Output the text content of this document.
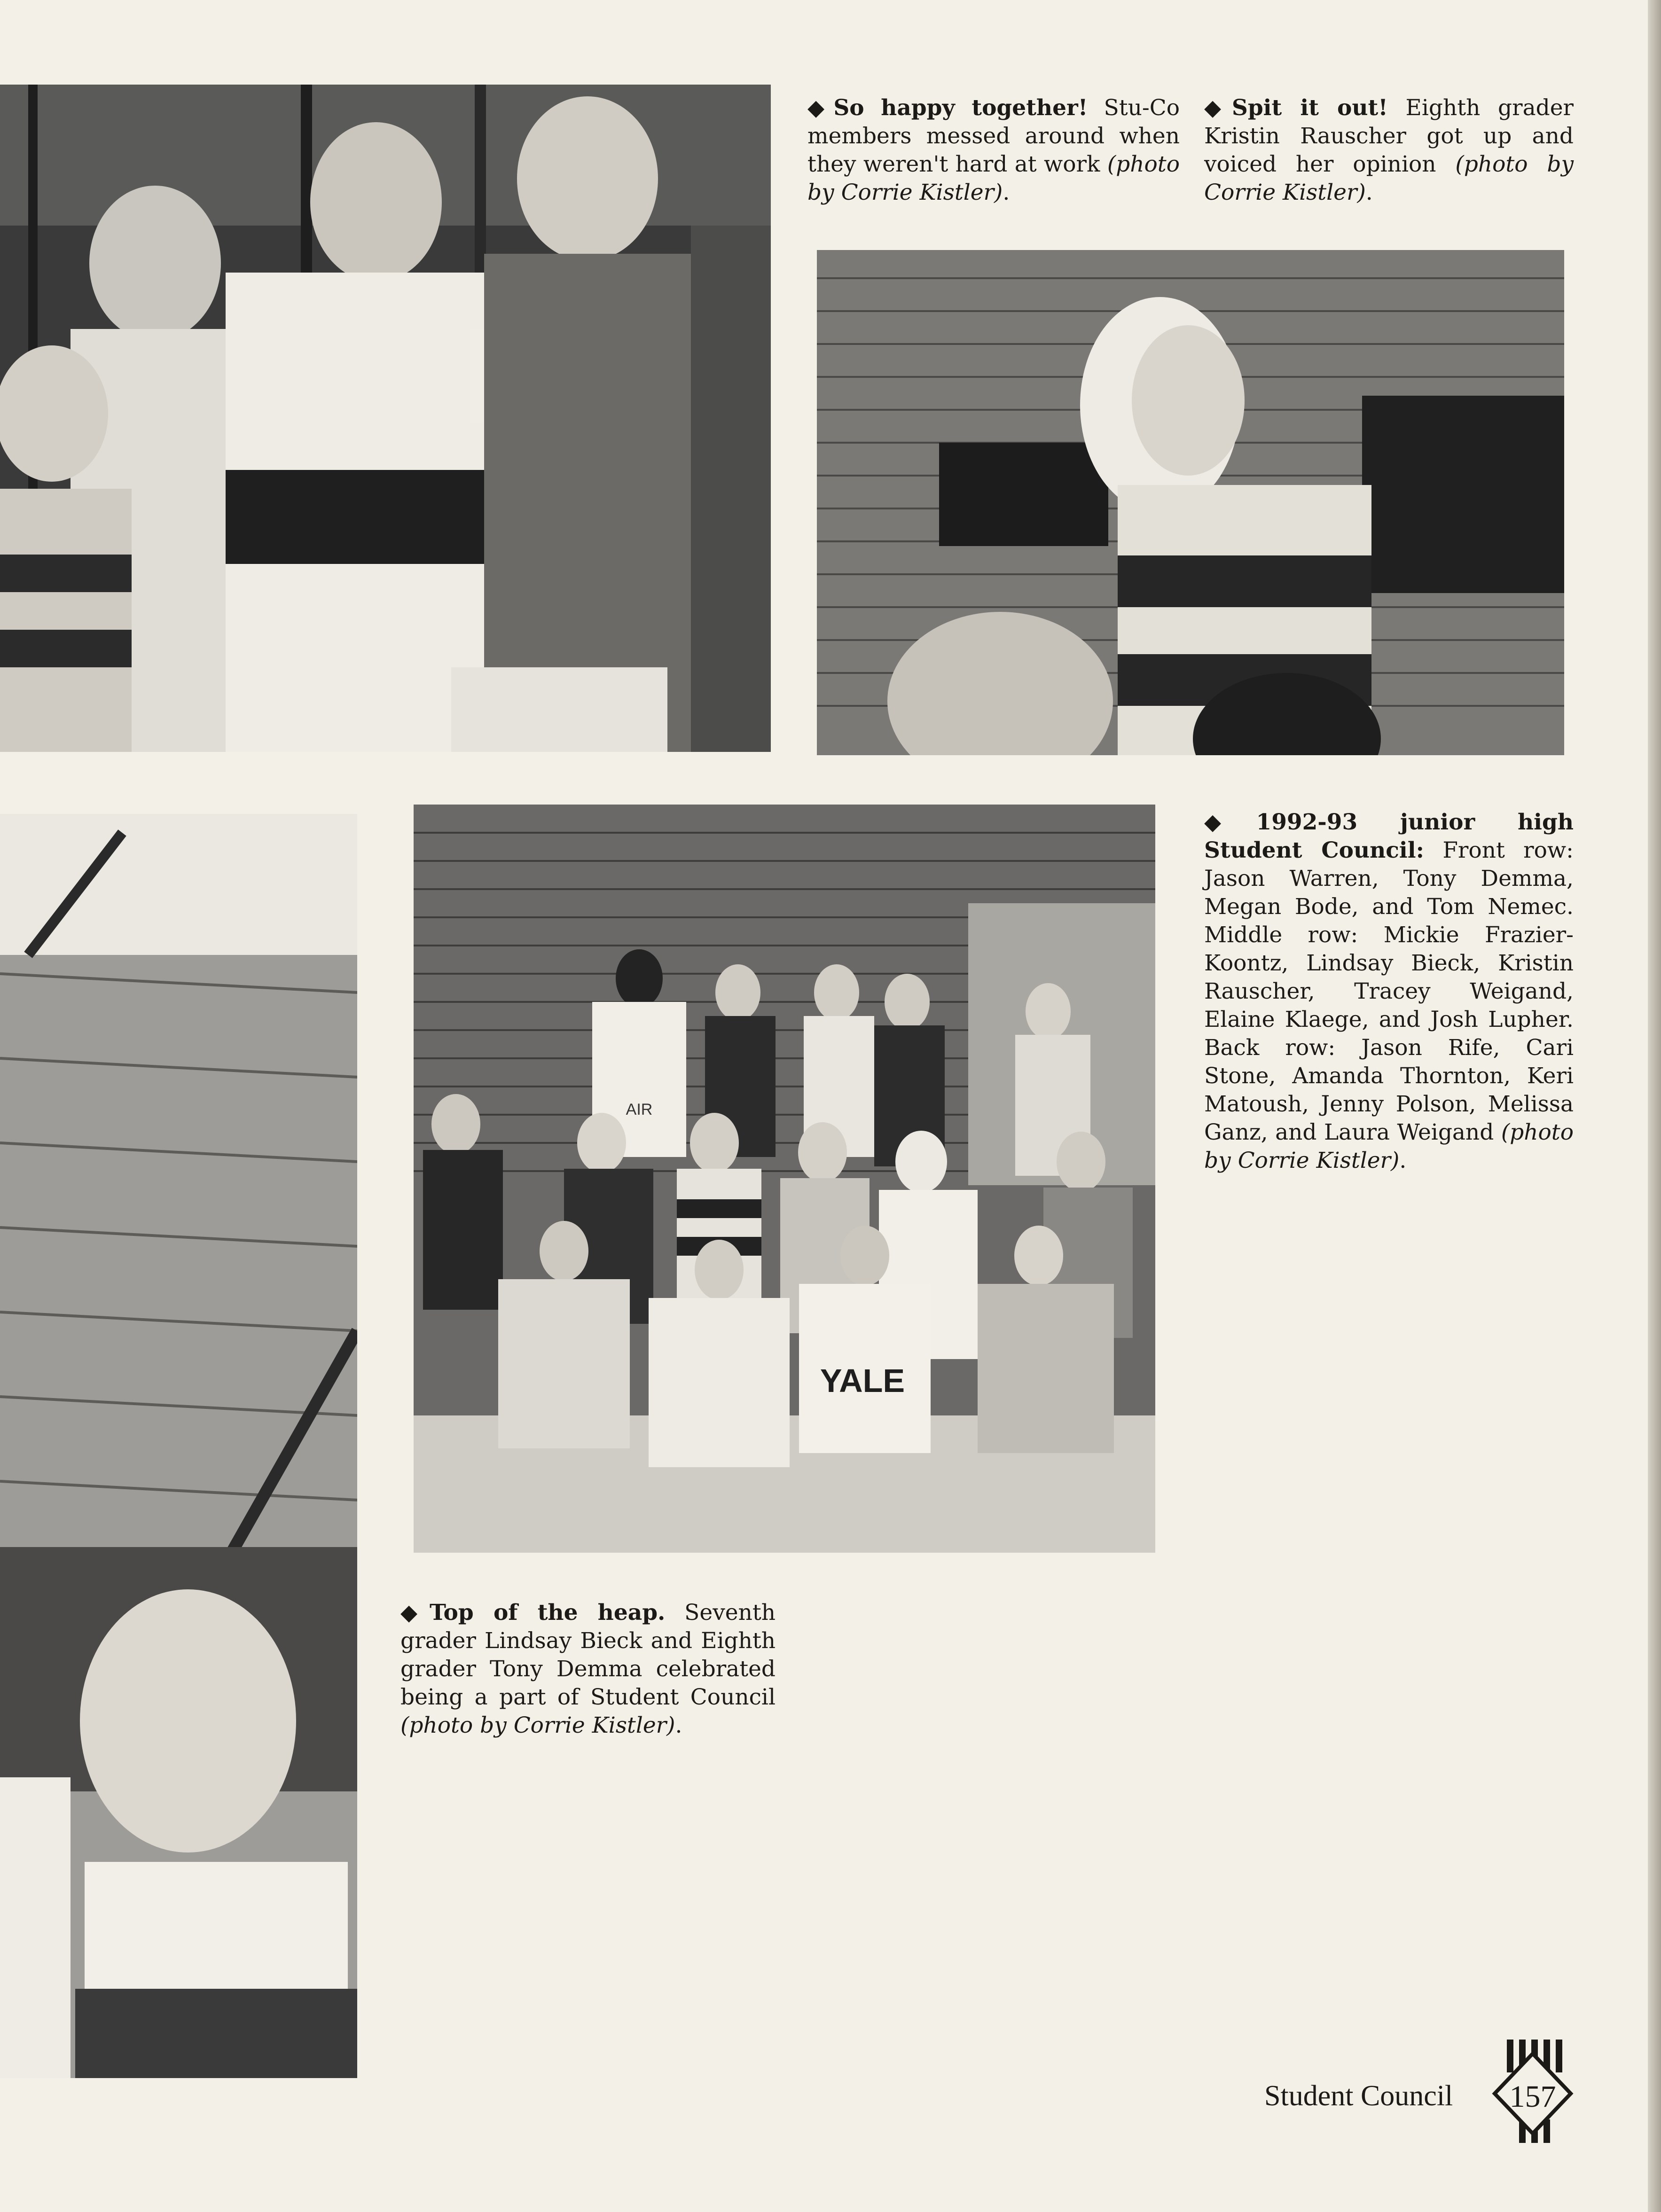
YALE
AIR

◆So happy together! Stu-Co members messed around when they weren't hard at work (photo by Corrie Kistler).

◆Spit it out! Eighth grader Kristin Rauscher got up and voiced her opinion (photo by Corrie Kistler).

◆1992-93 junior high Student Council: Front row: Jason Warren, Tony Demma, Megan Bode, and Tom Nemec. Middle row: Mickie Frazier-Koontz, Lindsay Bieck, Kristin Rauscher, Tracey Weigand, Elaine Klaege, and Josh Lupher. Back row: Jason Rife, Cari Stone, Amanda Thornton, Keri Matoush, Jenny Polson, Melissa Ganz, and Laura Weigand (photo by Corrie Kistler).

◆Top of the heap. Seventh grader Lindsay Bieck and Eighth grader Tony Demma celebrated being a part of Student Council (photo by Corrie Kistler).

Student Council	157
